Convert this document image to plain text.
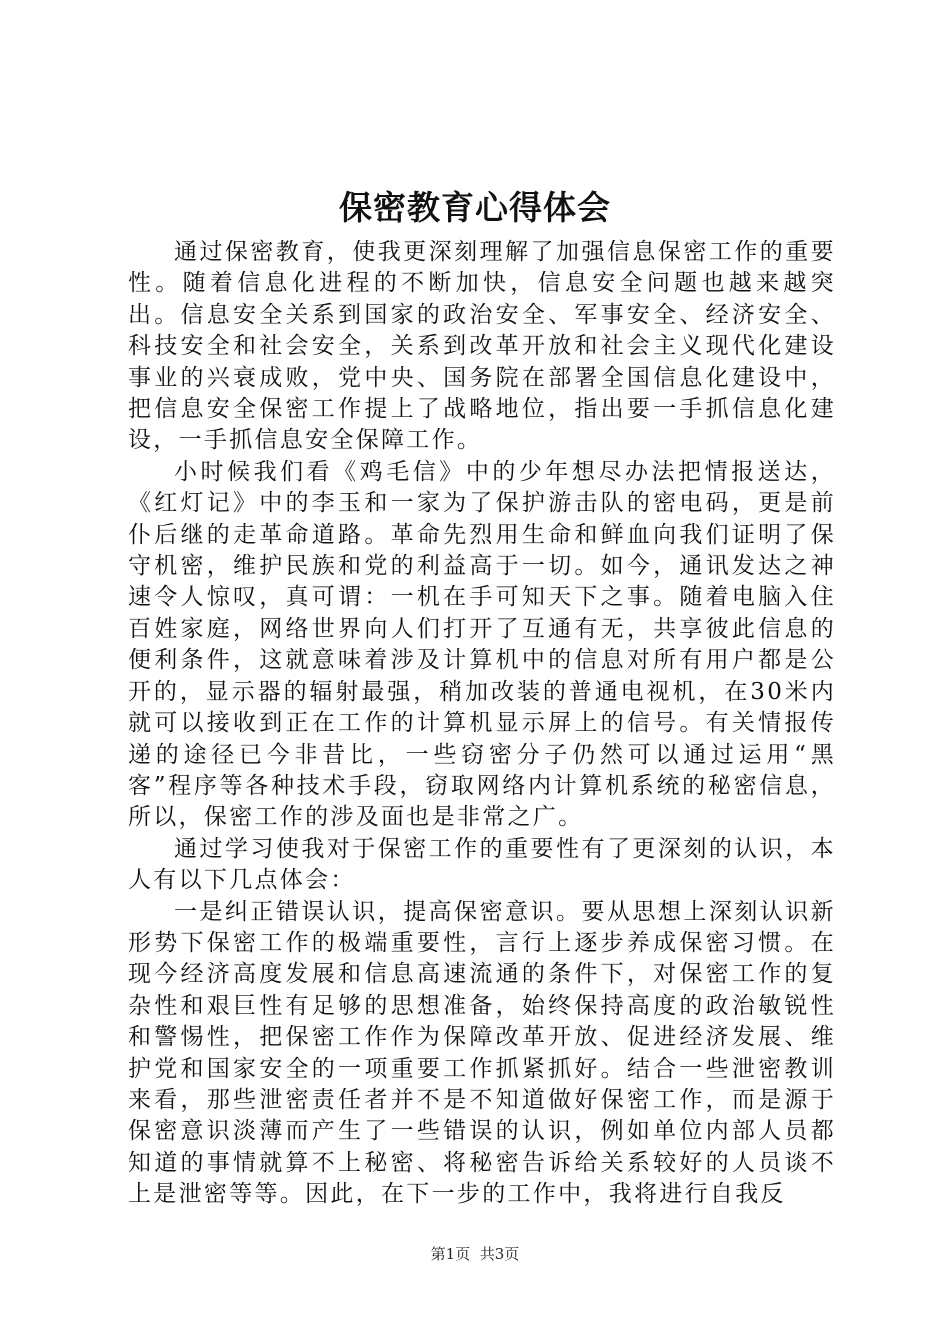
保密教育心得体会

通过保密教育，使我更深刻理解了加强信息保密工作的重要性。随着信息化进程的不断加快，信息安全问题也越来越突出。信息安全关系到国家的政治安全、军事安全、经济安全、科技安全和社会安全，关系到改革开放和社会主义现代化建设事业的兴衰成败，党中央、国务院在部署全国信息化建设中，把信息安全保密工作提上了战略地位，指出要一手抓信息化建设，一手抓信息安全保障工作。

小时候我们看《鸡毛信》中的少年想尽办法把情报送达，《红灯记》中的李玉和一家为了保护游击队的密电码，更是前仆后继的走革命道路。革命先烈用生命和鲜血向我们证明了保守机密，维护民族和党的利益高于一切。如今，通讯发达之神速令人惊叹，真可谓：一机在手可知天下之事。随着电脑入住百姓家庭，网络世界向人们打开了互通有无，共享彼此信息的便利条件，这就意味着涉及计算机中的信息对所有用户都是公开的，显示器的辐射最强，稍加改装的普通电视机，在30米内就可以接收到正在工作的计算机显示屏上的信号。有关情报传递的途径已今非昔比，一些窃密分子仍然可以通过运用“黑客”程序等各种技术手段，窃取网络内计算机系统的秘密信息，所以，保密工作的涉及面也是非常之广。

通过学习使我对于保密工作的重要性有了更深刻的认识，本人有以下几点体会：

一是纠正错误认识，提高保密意识。要从思想上深刻认识新形势下保密工作的极端重要性，言行上逐步养成保密习惯。在现今经济高度发展和信息高速流通的条件下，对保密工作的复杂性和艰巨性有足够的思想准备，始终保持高度的政治敏锐性和警惕性，把保密工作作为保障改革开放、促进经济发展、维护党和国家安全的一项重要工作抓紧抓好。结合一些泄密教训来看，那些泄密责任者并不是不知道做好保密工作，而是源于保密意识淡薄而产生了一些错误的认识，例如单位内部人员都知道的事情就算不上秘密、将秘密告诉给关系较好的人员谈不上是泄密等等。因此，在下一步的工作中，我将进行自我反

第1页 共3页
